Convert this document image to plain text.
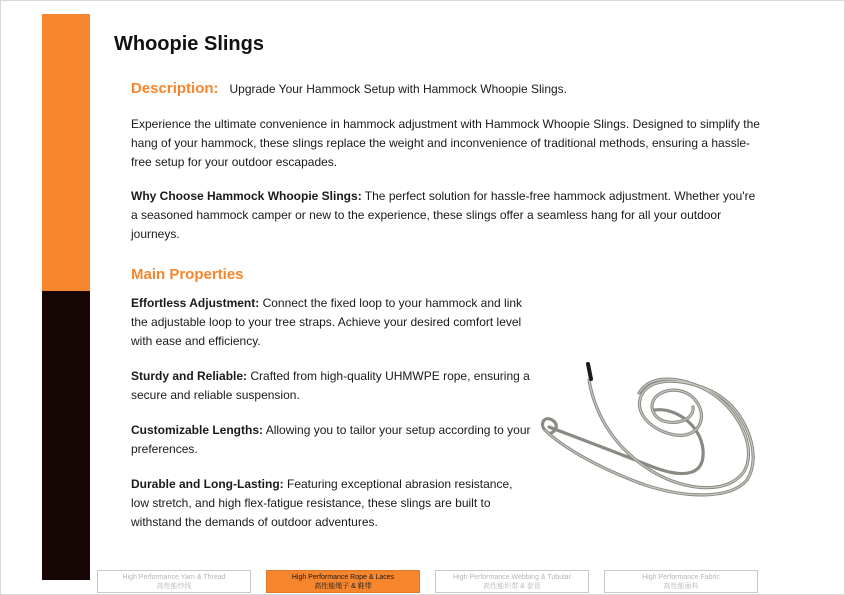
Whoopie Slings
Description: Upgrade Your Hammock Setup with Hammock Whoopie Slings.

Experience the ultimate convenience in hammock adjustment with Hammock Whoopie Slings. Designed to simplify the hang of your hammock, these slings replace the weight and inconvenience of traditional methods, ensuring a hassle-free setup for your outdoor escapades.

Why Choose Hammock Whoopie Slings: The perfect solution for hassle-free hammock adjustment. Whether you're a seasoned hammock camper or new to the experience, these slings offer a seamless hang for all your outdoor journeys.

Main Properties

Effortless Adjustment: Connect the fixed loop to your hammock and link the adjustable loop to your tree straps. Achieve your desired comfort level with ease and efficiency.

Sturdy and Reliable: Crafted from high-quality UHMWPE rope, ensuring a secure and reliable suspension.

Customizable Lengths: Allowing you to tailor your setup according to your preferences.

Durable and Long-Lasting: Featuring exceptional abrasion resistance, low stretch, and high flex-fatigue resistance, these slings are built to withstand the demands of outdoor adventures.

High Performance Yarn & Thread
高性能纱线
High Performance Rope & Laces
高性能绳子 & 鞋带
High Performance Webbing & Tubular
高性能织带 & 套管
High Performance Fabric
高性能面料
